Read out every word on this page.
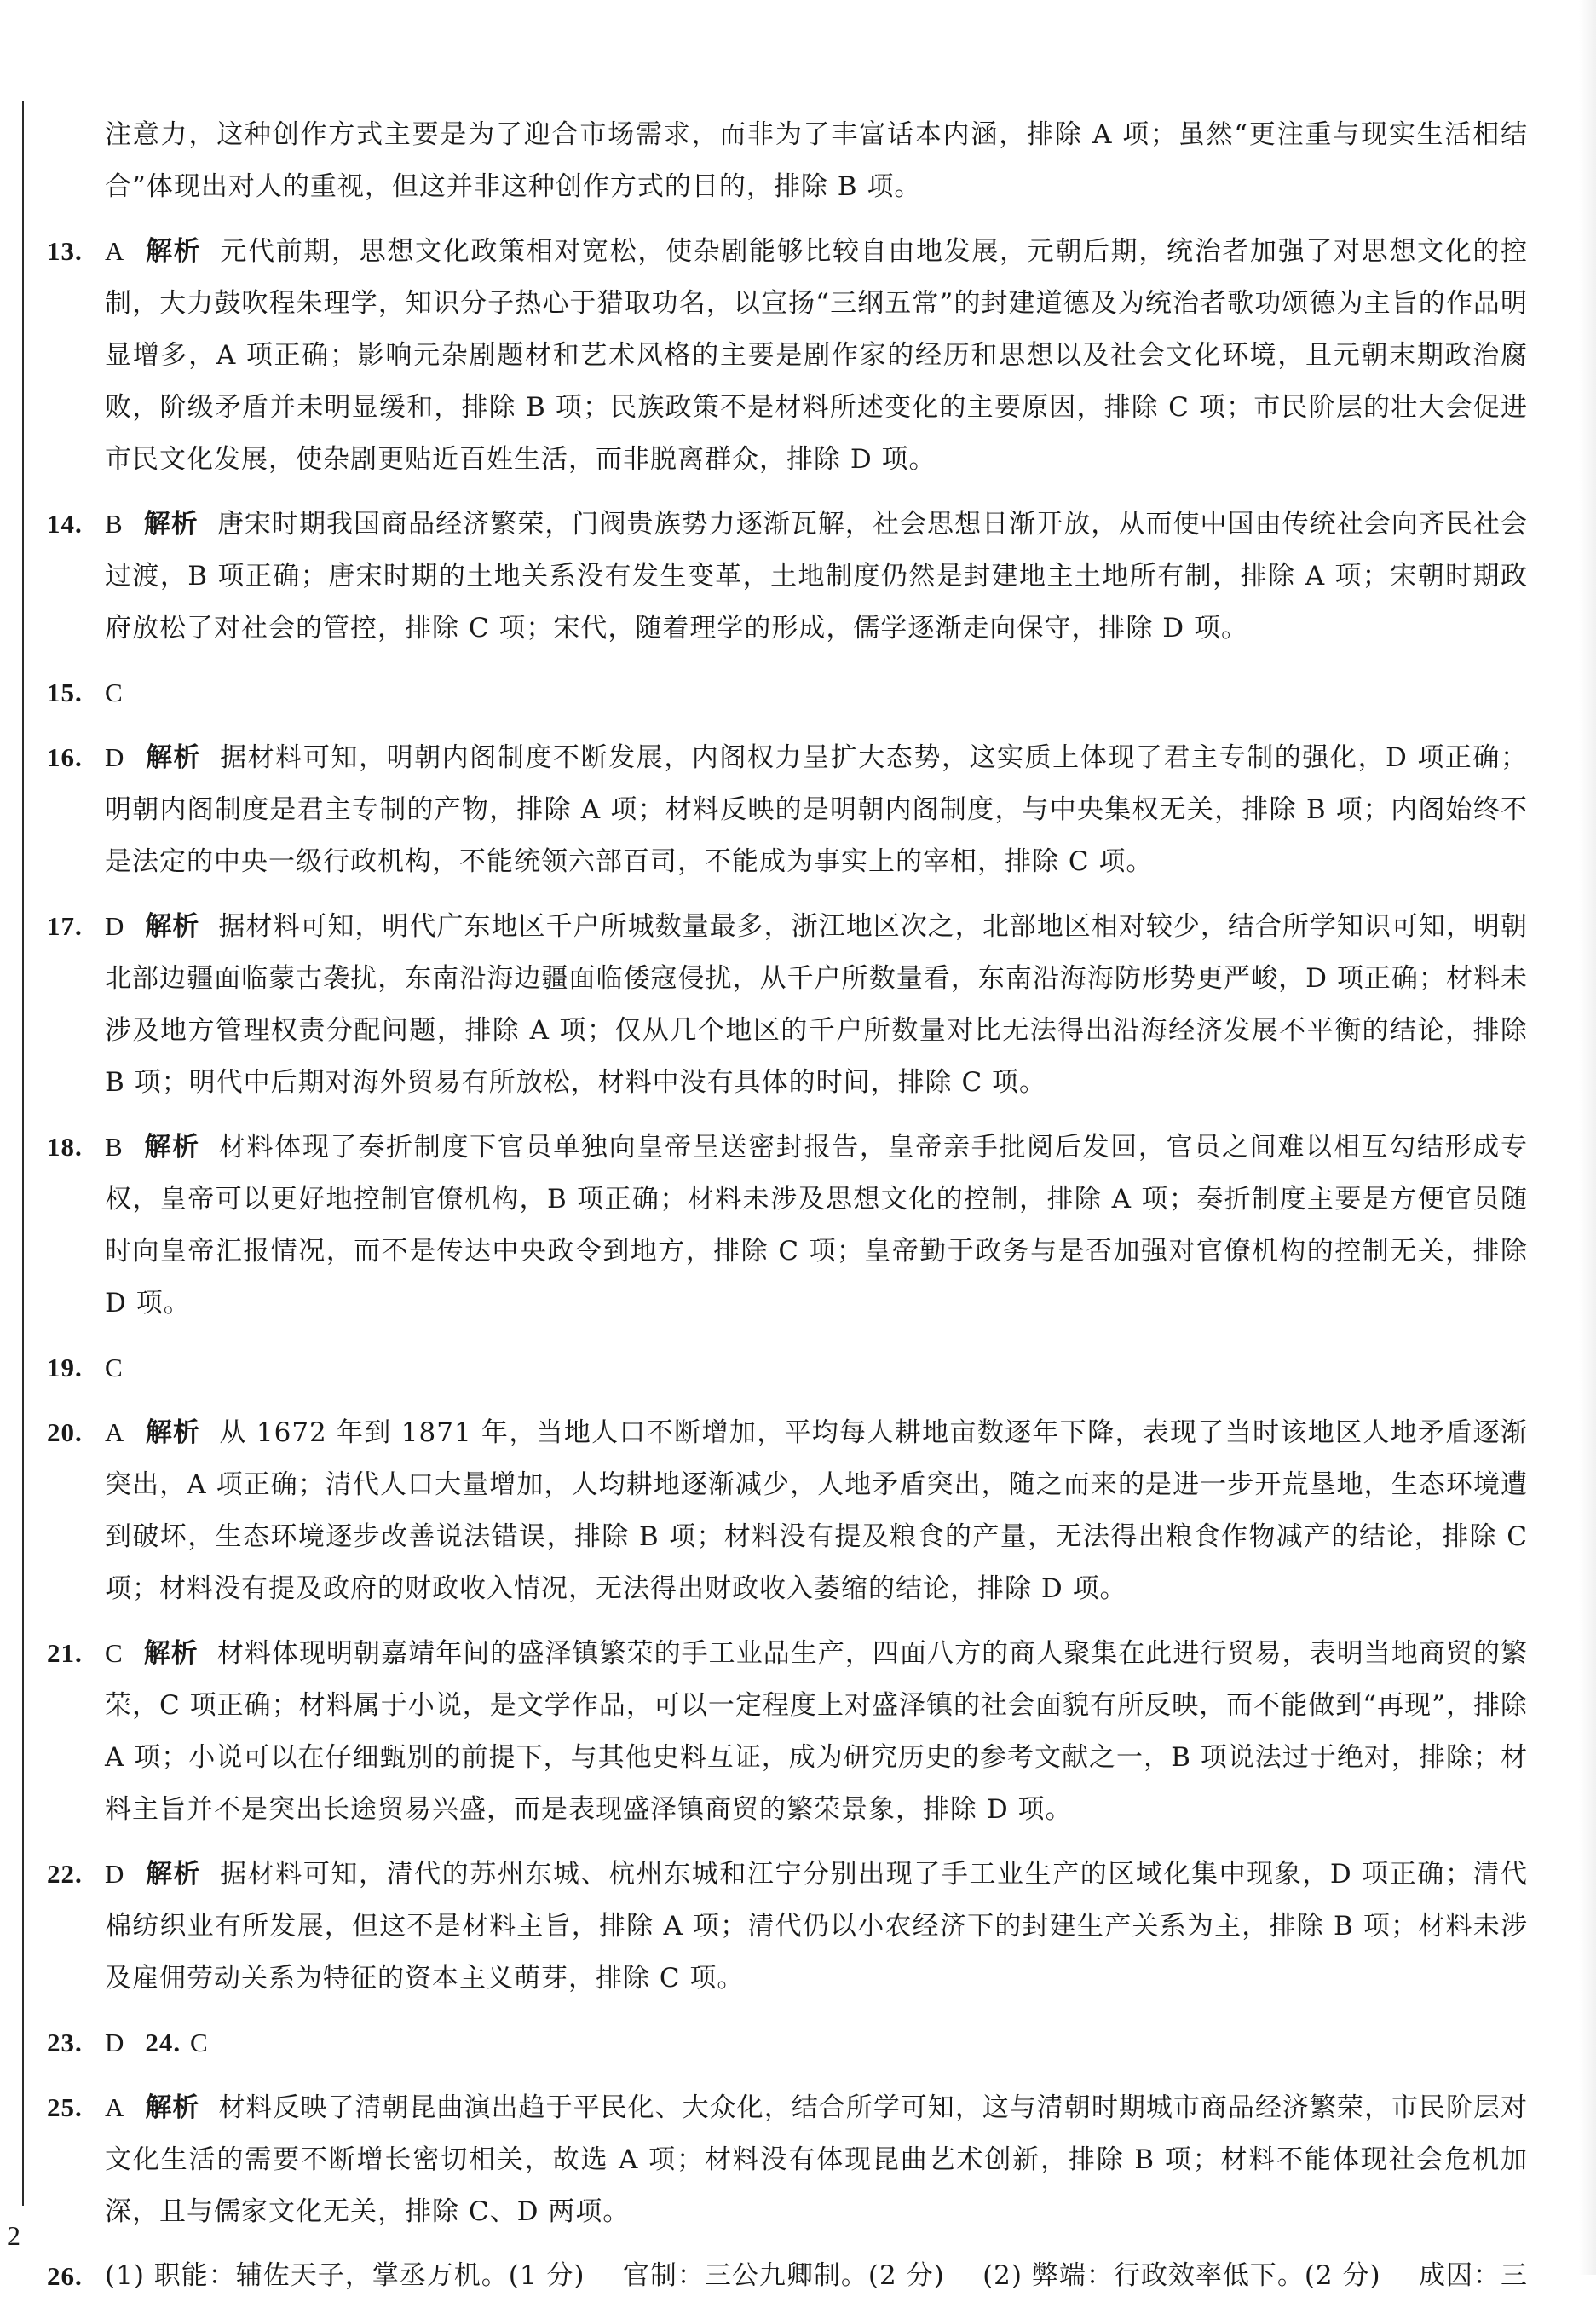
注意力，这种创作方式主要是为了迎合市场需求，而非为了丰富话本内涵，排除 A 项；虽然“更注重与现实生活相结合”体现出对人的重视，但这并非这种创作方式的目的，排除 B 项。
13. A 解析 元代前期，思想文化政策相对宽松，使杂剧能够比较自由地发展，元朝后期，统治者加强了对思想文化的控制，大力鼓吹程朱理学，知识分子热心于猎取功名，以宣扬“三纲五常”的封建道德及为统治者歌功颂德为主旨的作品明显增多，A 项正确；影响元杂剧题材和艺术风格的主要是剧作家的经历和思想以及社会文化环境，且元朝末期政治腐败，阶级矛盾并未明显缓和，排除 B 项；民族政策不是材料所述变化的主要原因，排除 C 项；市民阶层的壮大会促进市民文化发展，使杂剧更贴近百姓生活，而非脱离群众，排除 D 项。
14. B 解析 唐宋时期我国商品经济繁荣，门阀贵族势力逐渐瓦解，社会思想日渐开放，从而使中国由传统社会向齐民社会过渡，B 项正确；唐宋时期的土地关系没有发生变革，土地制度仍然是封建地主土地所有制，排除 A 项；宋朝时期政府放松了对社会的管控，排除 C 项；宋代，随着理学的形成，儒学逐渐走向保守，排除 D 项。
15. C
16. D 解析 据材料可知，明朝内阁制度不断发展，内阁权力呈扩大态势，这实质上体现了君主专制的强化，D 项正确；明朝内阁制度是君主专制的产物，排除 A 项；材料反映的是明朝内阁制度，与中央集权无关，排除 B 项；内阁始终不是法定的中央一级行政机构，不能统领六部百司，不能成为事实上的宰相，排除 C 项。
17. D 解析 据材料可知，明代广东地区千户所城数量最多，浙江地区次之，北部地区相对较少，结合所学知识可知，明朝北部边疆面临蒙古袭扰，东南沿海边疆面临倭寇侵扰，从千户所数量看，东南沿海海防形势更严峻，D 项正确；材料未涉及地方管理权责分配问题，排除 A 项；仅从几个地区的千户所数量对比无法得出沿海经济发展不平衡的结论，排除 B 项；明代中后期对海外贸易有所放松，材料中没有具体的时间，排除 C 项。
18. B 解析 材料体现了奏折制度下官员单独向皇帝呈送密封报告，皇帝亲手批阅后发回，官员之间难以相互勾结形成专权，皇帝可以更好地控制官僚机构，B 项正确；材料未涉及思想文化的控制，排除 A 项；奏折制度主要是方便官员随时向皇帝汇报情况，而不是传达中央政令到地方，排除 C 项；皇帝勤于政务与是否加强对官僚机构的控制无关，排除 D 项。
19. C
20. A 解析 从 1672 年到 1871 年，当地人口不断增加，平均每人耕地亩数逐年下降，表现了当时该地区人地矛盾逐渐突出，A 项正确；清代人口大量增加，人均耕地逐渐减少，人地矛盾突出，随之而来的是进一步开荒垦地，生态环境遭到破坏，生态环境逐步改善说法错误，排除 B 项；材料没有提及粮食的产量，无法得出粮食作物减产的结论，排除 C 项；材料没有提及政府的财政收入情况，无法得出财政收入萎缩的结论，排除 D 项。
21. C 解析 材料体现明朝嘉靖年间的盛泽镇繁荣的手工业品生产，四面八方的商人聚集在此进行贸易，表明当地商贸的繁荣，C 项正确；材料属于小说，是文学作品，可以一定程度上对盛泽镇的社会面貌有所反映，而不能做到“再现”，排除 A 项；小说可以在仔细甄别的前提下，与其他史料互证，成为研究历史的参考文献之一，B 项说法过于绝对，排除；材料主旨并不是突出长途贸易兴盛，而是表现盛泽镇商贸的繁荣景象，排除 D 项。
22. D 解析 据材料可知，清代的苏州东城、杭州东城和江宁分别出现了手工业生产的区域化集中现象，D 项正确；清代棉纺织业有所发展，但这不是材料主旨，排除 A 项；清代仍以小农经济下的封建生产关系为主，排除 B 项；材料未涉及雇佣劳动关系为特征的资本主义萌芽，排除 C 项。
23. D 24. C
25. A 解析 材料反映了清朝昆曲演出趋于平民化、大众化，结合所学可知，这与清朝时期城市商品经济繁荣，市民阶层对文化生活的需要不断增长密切相关，故选 A 项；材料没有体现昆曲艺术创新，排除 B 项；材料不能体现社会危机加深，且与儒家文化无关，排除 C、D 两项。
26. (1) 职能：辅佐天子，掌丞万机。(1 分) 官制：三公九卿制。(2 分) (2) 弊端：行政效率低下。(2 分) 成因：三
2
